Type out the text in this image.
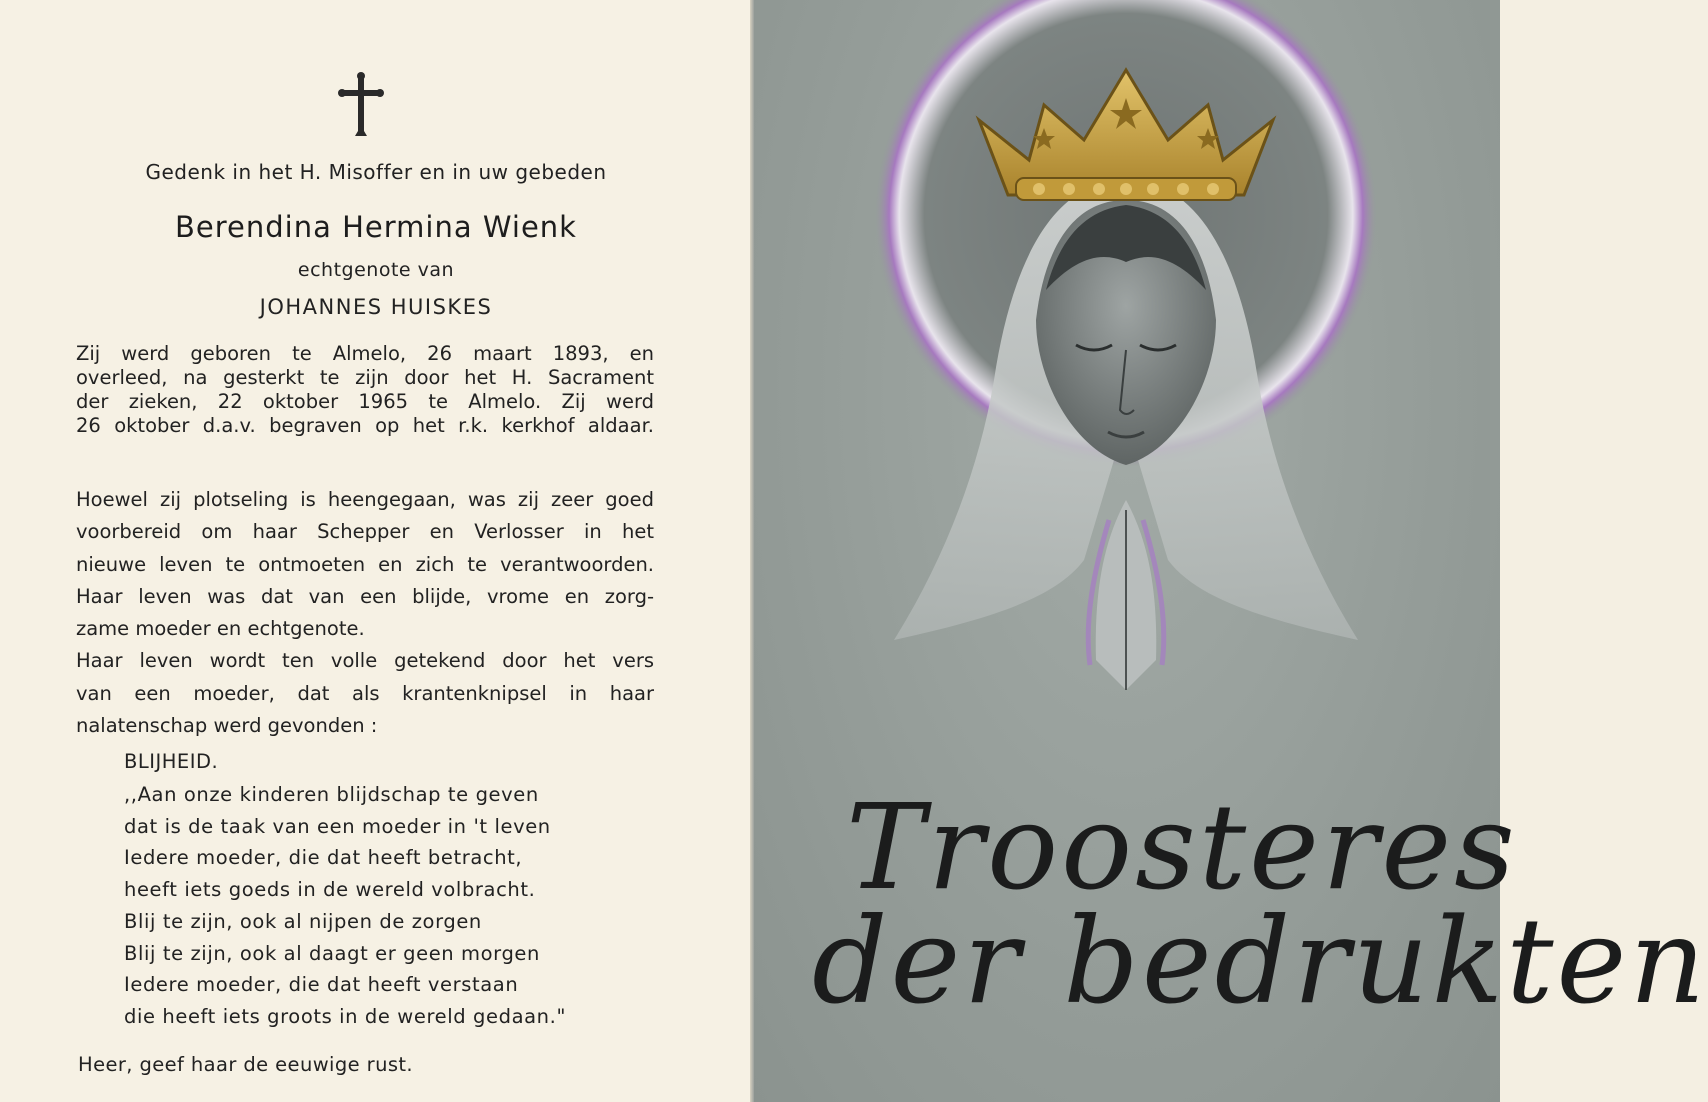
Gedenk in het H. Misoffer en in uw gebeden
Berendina Hermina Wienk
echtgenote van
JOHANNES HUISKES
Zij werd geboren te Almelo, 26 maart 1893, en
overleed, na gesterkt te zijn door het H. Sacrament
der zieken, 22 oktober 1965 te Almelo. Zij werd
26 oktober d.a.v. begraven op het r.k. kerkhof aldaar.
Hoewel zij plotseling is heengegaan, was zij zeer goed
voorbereid om haar Schepper en Verlosser in het
nieuwe leven te ontmoeten en zich te verantwoorden.
Haar leven was dat van een blijde, vrome en zorg-
zame moeder en echtgenote.
Haar leven wordt ten volle getekend door het vers
van een moeder, dat als krantenknipsel in haar
nalatenschap werd gevonden :
BLIJHEID.
,,Aan onze kinderen blijdschap te geven
dat is de taak van een moeder in 't leven
Iedere moeder, die dat heeft betracht,
heeft iets goeds in de wereld volbracht.
Blij te zijn, ook al nijpen de zorgen
Blij te zijn, ook al daagt er geen morgen
Iedere moeder, die dat heeft verstaan
die heeft iets groots in de wereld gedaan."
Heer, geef haar de eeuwige rust.
Troosteres
der bedrukten
